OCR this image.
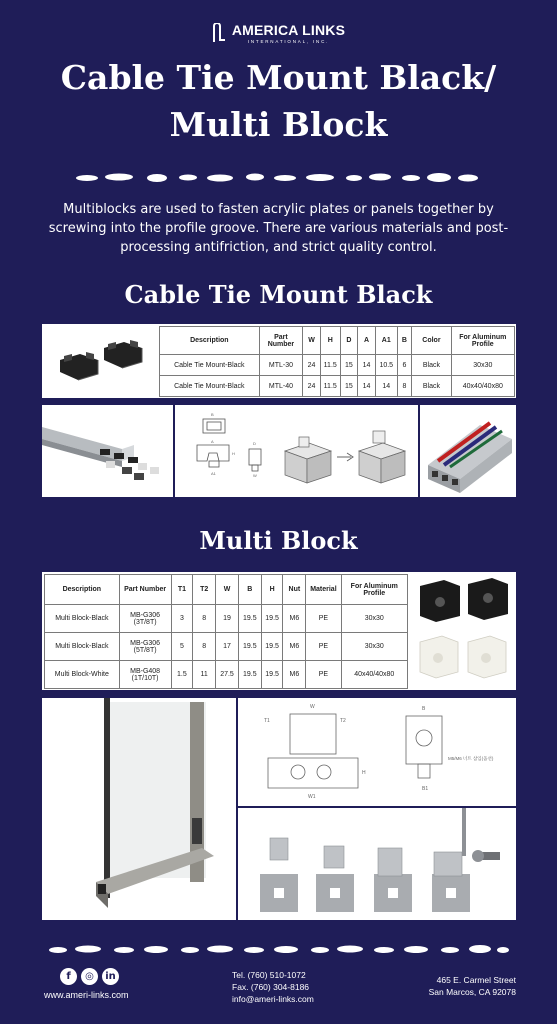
AMERICA LINKS
INTERNATIONAL, INC.
Cable Tie Mount Black/
Multi Block

Multiblocks are used to fasten acrylic plates or panels together by screwing into the profile groove. There are various materials and post-processing antifriction, and strict quality control.

Cable Tie Mount Black
Description	Part Number	W	H	D	A	A1	B	Color	For Aluminum Profile
Cable Tie Mount-Black	MTL-30	24	11.5	15	14	10.5	6	Black	30x30
Cable Tie Mount-Black	MTL-40	24	11.5	15	14	14	8	Black	40x40/40x80
B
A
H
A1
D
W
Multi Block
Description	Part Number	T1	T2	W	B	H	Nut	Material	For Aluminum Profile
Multi Block-Black	MB-G306
(3T/8T)	3	8	19	19.5	19.5	M6	PE	30x30
Multi Block-Black	MB-G306
(5T/8T)	5	8	17	19.5	19.5	M6	PE	30x30
Multi Block-White	MB-G408
(1T/10T)	1.5	11	27.5	19.5	19.5	M6	PE	40x40/40x80
W
T1	T2
H
W1
B
B1
M5/M6 너트 삽입(옵션)
f	◎	in
www.ameri-links.com
Tel. (760) 510-1072
Fax. (760) 304-8186
info@ameri-links.com
465 E. Carmel Street
San Marcos, CA 92078
